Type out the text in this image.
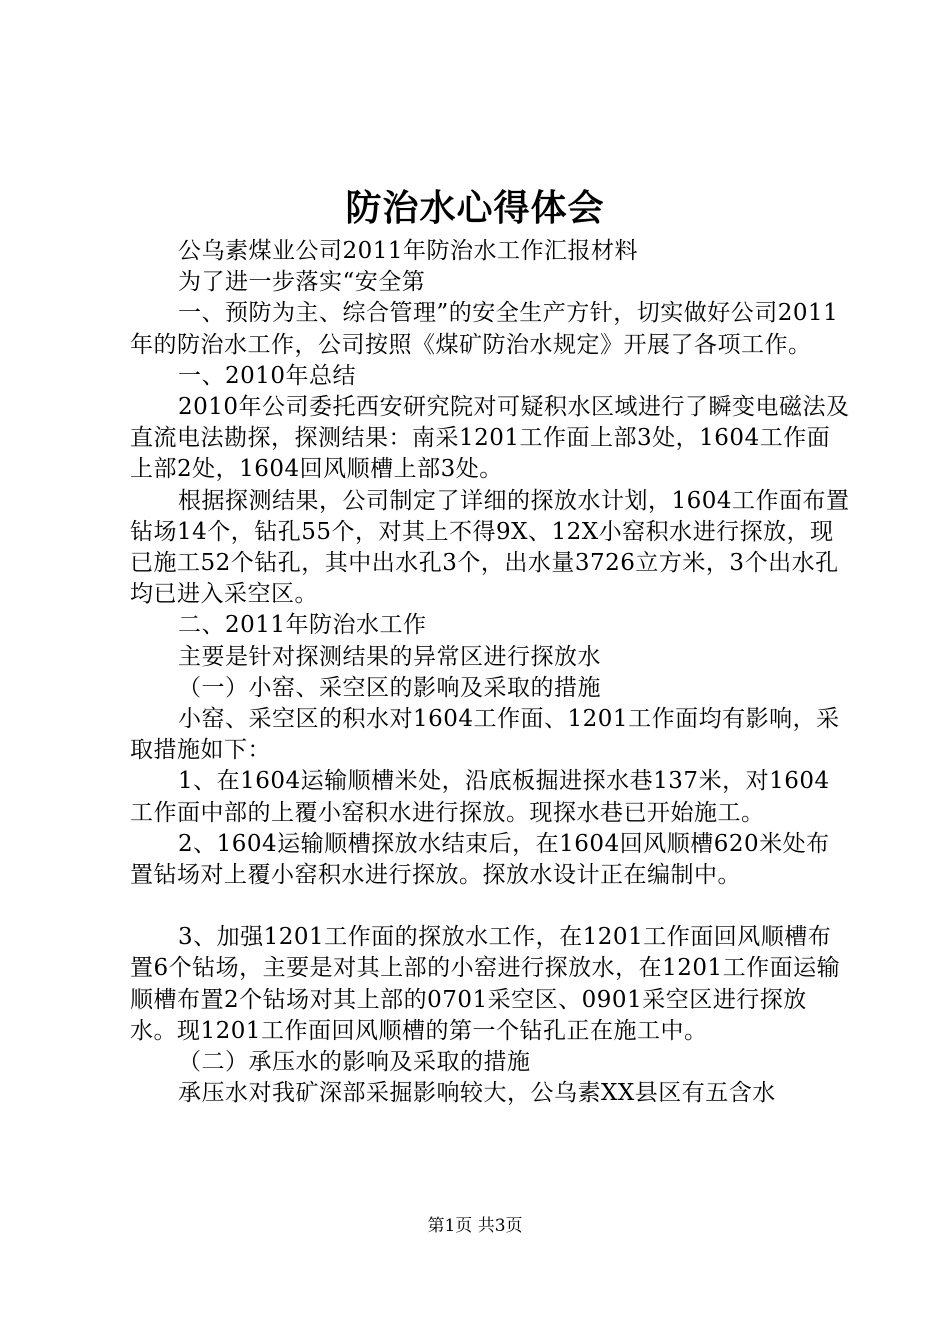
防治水心得体会

公乌素煤业公司2011年防治水工作汇报材料

为了进一步落实“安全第

一、预防为主、综合管理”的安全生产方针，切实做好公司2011年的防治水工作，公司按照《煤矿防治水规定》开展了各项工作。

一、2010年总结

2010年公司委托西安研究院对可疑积水区域进行了瞬变电磁法及直流电法勘探，探测结果：南采1201工作面上部3处，1604工作面上部2处，1604回风顺槽上部3处。

根据探测结果，公司制定了详细的探放水计划，1604工作面布置钻场14个，钻孔55个，对其上不得9X、12X小窑积水进行探放，现已施工52个钻孔，其中出水孔3个，出水量3726立方米，3个出水孔均已进入采空区。

二、2011年防治水工作

主要是针对探测结果的异常区进行探放水

（一）小窑、采空区的影响及采取的措施

小窑、采空区的积水对1604工作面、1201工作面均有影响，采取措施如下：

1、在1604运输顺槽米处，沿底板掘进探水巷137米，对1604工作面中部的上覆小窑积水进行探放。现探水巷已开始施工。

2、1604运输顺槽探放水结束后，在1604回风顺槽620米处布置钻场对上覆小窑积水进行探放。探放水设计正在编制中。

3、加强1201工作面的探放水工作，在1201工作面回风顺槽布置6个钻场，主要是对其上部的小窑进行探放水，在1201工作面运输顺槽布置2个钻场对其上部的0701采空区、0901采空区进行探放水。现1201工作面回风顺槽的第一个钻孔正在施工中。

（二）承压水的影响及采取的措施

承压水对我矿深部采掘影响较大，公乌素XX县区有五含水

第1页 共3页
